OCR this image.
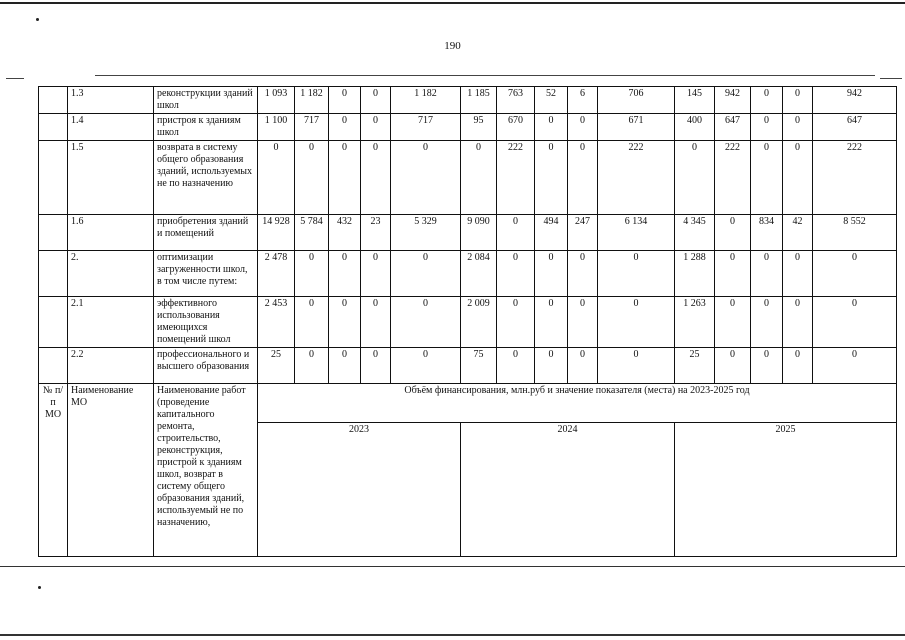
190
	1.3	реконструкции зданий школ	1 093	1 182	0	0	1 182	1 185	763	52	6	706	145	942	0	0	942
	1.4	пристроя к зданиям школ	1 100	717	0	0	717	95	670	0	0	671	400	647	0	0	647
	1.5	возврата в систему общего образования зданий, используемых не по назначению	0	0	0	0	0	0	222	0	0	222	0	222	0	0	222
	1.6	приобретения зданий и помещений	14 928	5 784	432	23	5 329	9 090	0	494	247	6 134	4 345	0	834	42	8 552
	2.	оптимизации загруженности школ, в том числе путем:	2 478	0	0	0	0	2 084	0	0	0	0	1 288	0	0	0	0
	2.1	эффективного использования имеющихся помещений школ	2 453	0	0	0	0	2 009	0	0	0	0	1 263	0	0	0	0
	2.2	профессионального и высшего образования	25	0	0	0	0	75	0	0	0	0	25	0	0	0	0
№ п/п МО	Наименование МО	Наименование работ (проведение капитального ремонта, строительство, реконструкция, пристрой к зданиям школ, возврат в систему общего образования зданий, используемый не по назначению,	Объём финансирования, млн.руб и значение показателя (места) на 2023-2025 год														
			2023					2024					2025				
